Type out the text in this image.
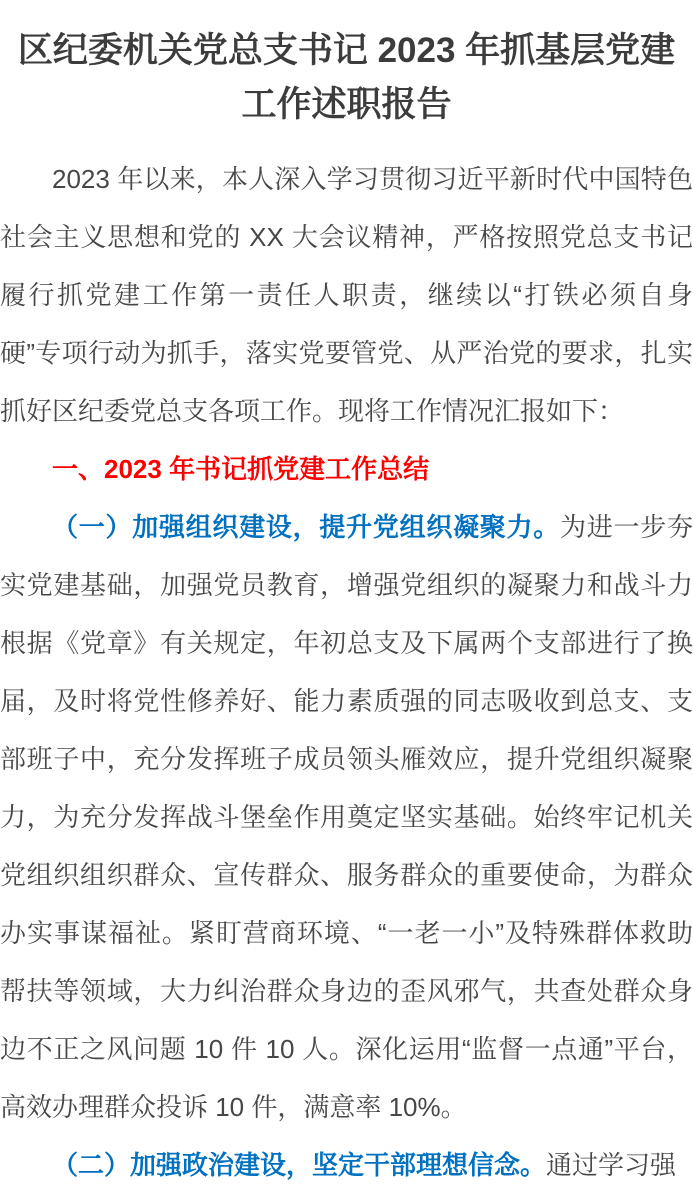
区纪委机关党总支书记 2023 年抓基层党建工作述职报告

2023 年以来，本人深入学习贯彻习近平新时代中国特色社会主义思想和党的 XX 大会议精神，严格按照党总支书记履行抓党建工作第一责任人职责，继续以“打铁必须自身硬”专项行动为抓手，落实党要管党、从严治党的要求，扎实抓好区纪委党总支各项工作。现将工作情况汇报如下：

一、2023 年书记抓党建工作总结

（一）加强组织建设，提升党组织凝聚力。为进一步夯实党建基础，加强党员教育，增强党组织的凝聚力和战斗力根据《党章》有关规定，年初总支及下属两个支部进行了换届，及时将党性修养好、能力素质强的同志吸收到总支、支部班子中，充分发挥班子成员领头雁效应，提升党组织凝聚力，为充分发挥战斗堡垒作用奠定坚实基础。始终牢记机关党组织组织群众、宣传群众、服务群众的重要使命，为群众办实事谋福祉。紧盯营商环境、“一老一小”及特殊群体救助帮扶等领域，大力纠治群众身边的歪风邪气，共查处群众身边不正之风问题 10 件 10 人。深化运用“监督一点通”平台，高效办理群众投诉 10 件，满意率 10%。

（二）加强政治建设，坚定干部理想信念。通过学习强
